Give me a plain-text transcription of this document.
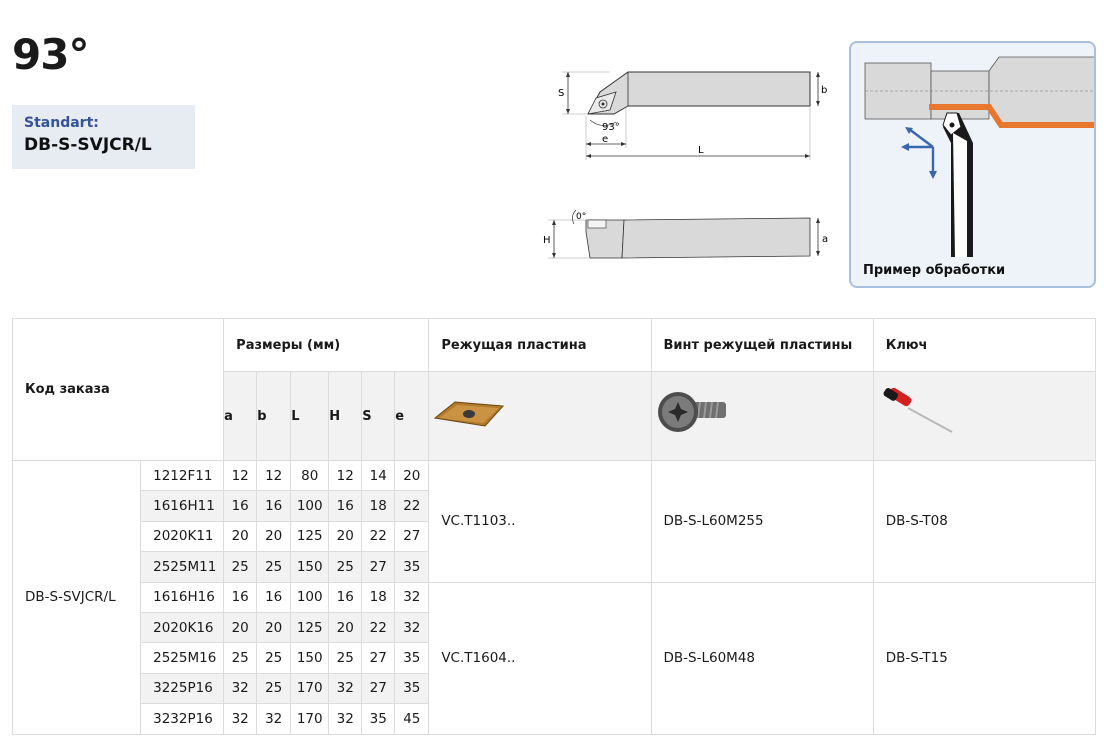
93°
Standart:
DB-S-SVJCR/L
S	b
93°
e
L
H	a
0°
Пример обработки
Код заказа		Размеры (мм)						Режущая пластина	Винт режущей пластины	Ключ
		a	b	L	H	S	e			
DB-S-SVJCR/L	1212F11	12	12	80	12	14	20	VC.T1103..	DB-S-L60M255	DB-S-T08
	1616H11	16	16	100	16	18	22			
	2020K11	20	20	125	20	22	27			
	2525M11	25	25	150	25	27	35			
	1616H16	16	16	100	16	18	32	VC.T1604..	DB-S-L60M48	DB-S-T15
	2020K16	20	20	125	20	22	32			
	2525M16	25	25	150	25	27	35			
	3225P16	32	25	170	32	27	35			
	3232P16	32	32	170	32	35	45			
